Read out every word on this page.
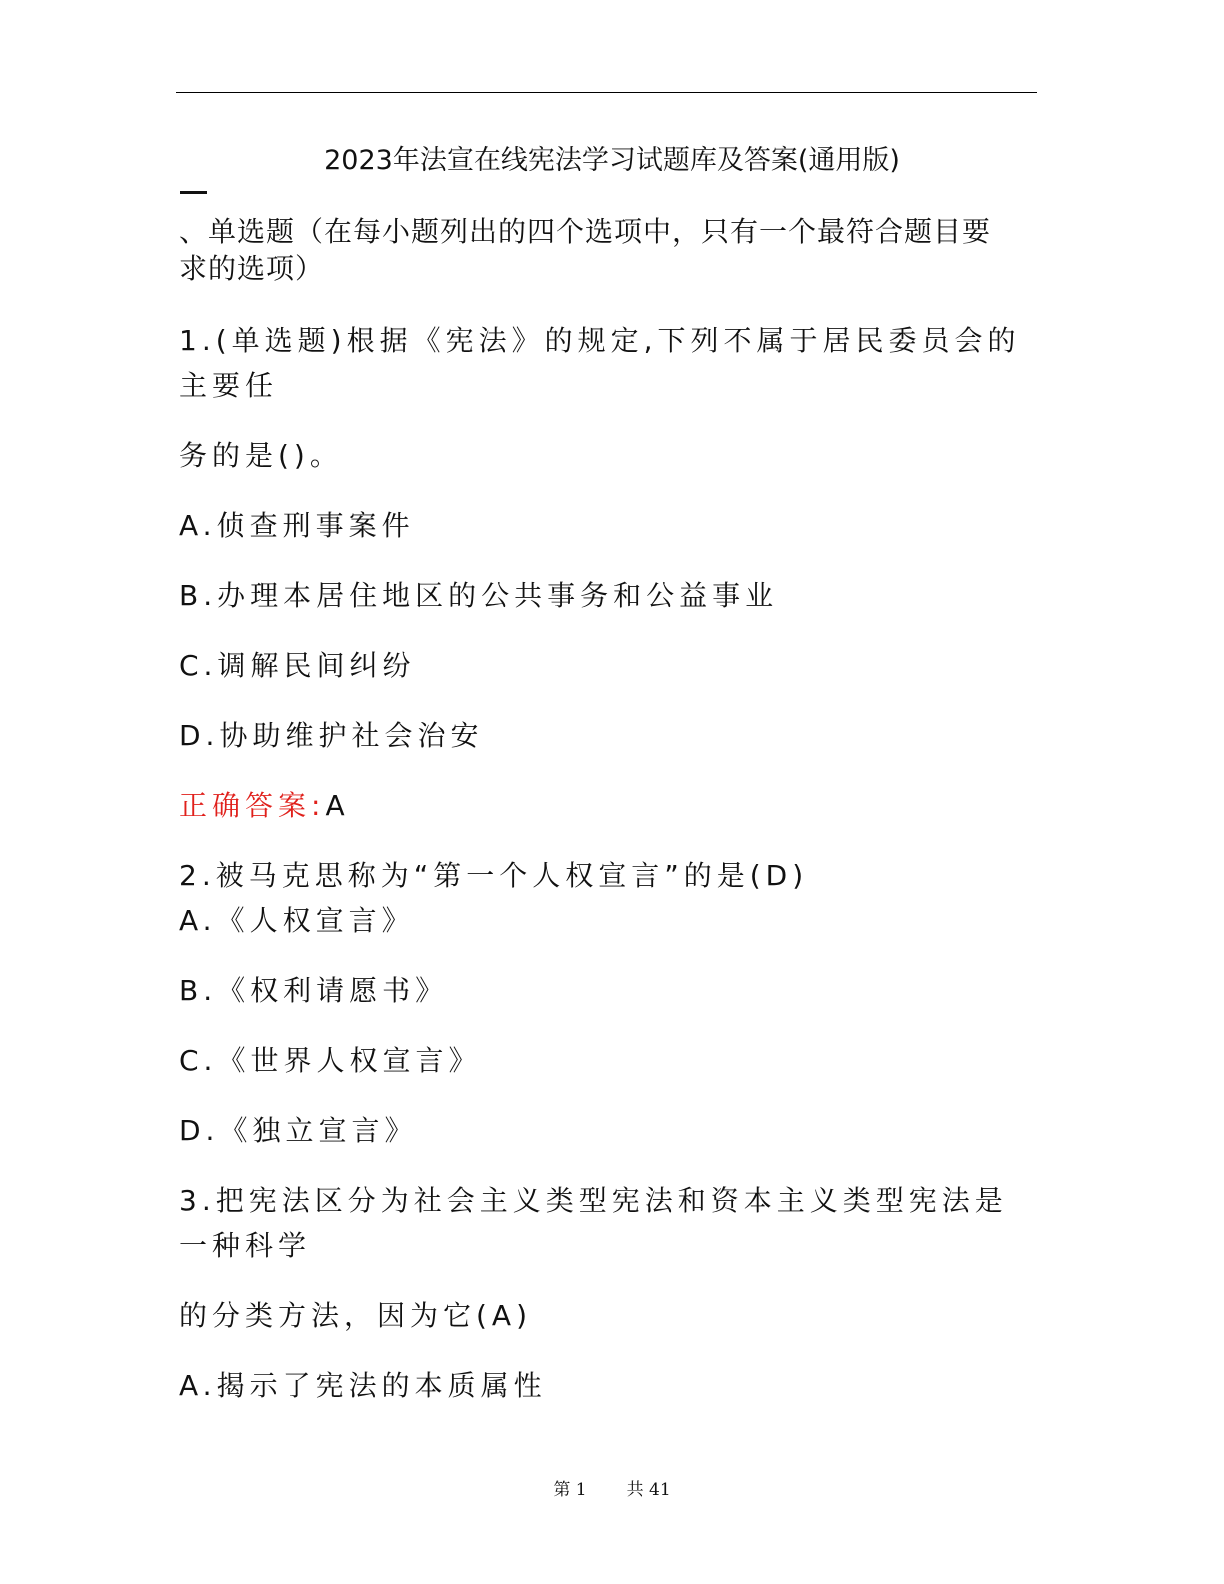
2023年法宣在线宪法学习试题库及答案(通用版)
、单选题（在每小题列出的四个选项中，只有一个最符合题目要
求的选项）
1.(单选题)根据《宪法》的规定,下列不属于居民委员会的
主要任
务的是()。
A.侦查刑事案件
B.办理本居住地区的公共事务和公益事业
C.调解民间纠纷
D.协助维护社会治安
正确答案:A
2.被马克思称为“第一个人权宣言”的是(D)
A.《人权宣言》
B.《权利请愿书》
C.《世界人权宣言》
D.《独立宣言》
3.把宪法区分为社会主义类型宪法和资本主义类型宪法是
一种科学
的分类方法，因为它(A)
A.揭示了宪法的本质属性
第 1 共 41
